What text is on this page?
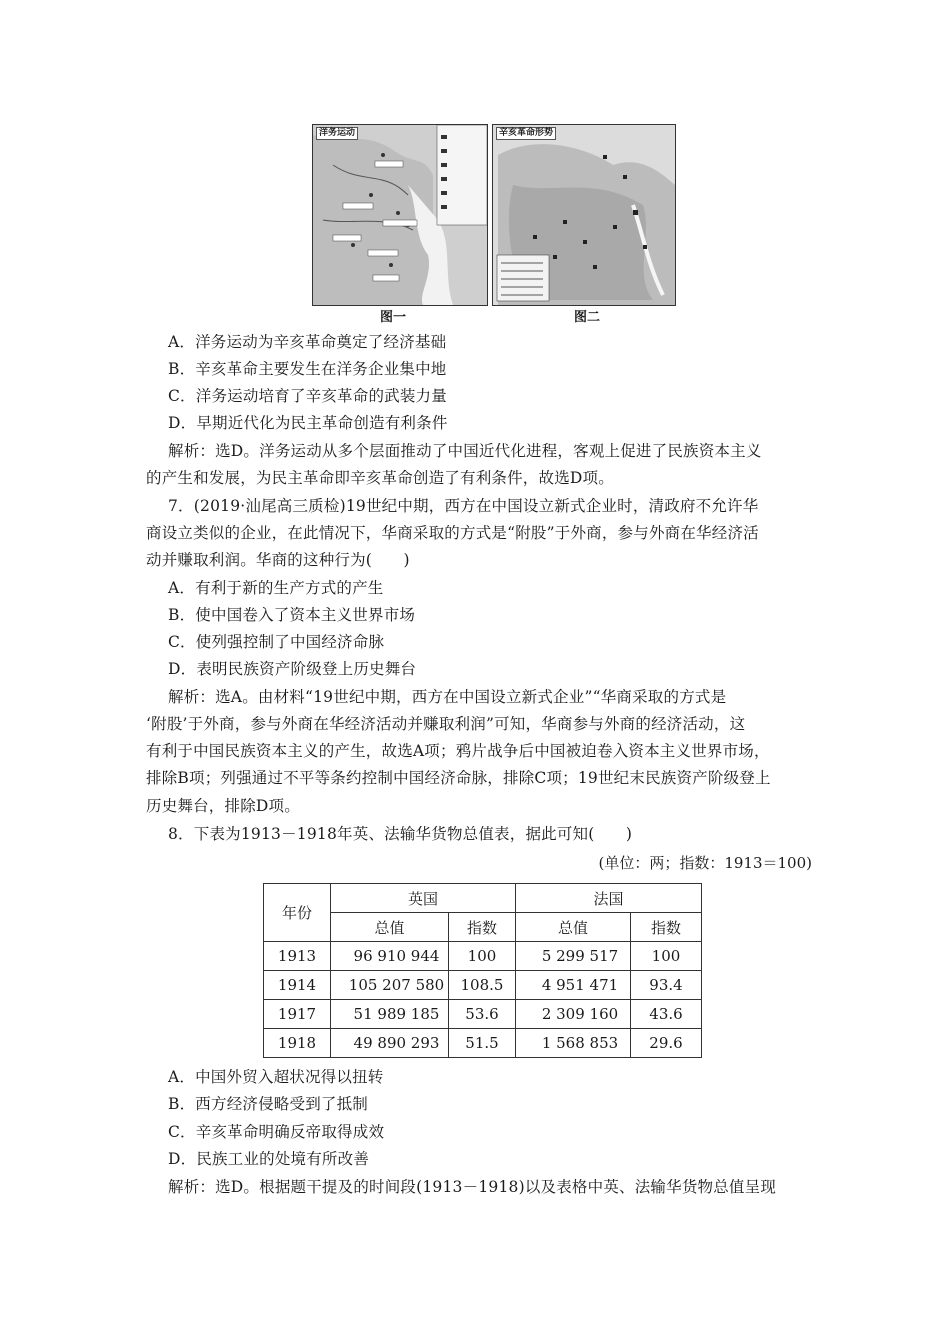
洋务运动	辛亥革命形势
图一	图二
A．洋务运动为辛亥革命奠定了经济基础
B．辛亥革命主要发生在洋务企业集中地
C．洋务运动培育了辛亥革命的武装力量
D．早期近代化为民主革命创造有利条件
解析：选D。洋务运动从多个层面推动了中国近代化进程，客观上促进了民族资本主义
的产生和发展，为民主革命即辛亥革命创造了有利条件，故选D项。
7．(2019·汕尾高三质检)19世纪中期，西方在中国设立新式企业时，清政府不允许华
商设立类似的企业，在此情况下，华商采取的方式是“附股”于外商，参与外商在华经济活
动并赚取利润。华商的这种行为(　　)
A．有利于新的生产方式的产生
B．使中国卷入了资本主义世界市场
C．使列强控制了中国经济命脉
D．表明民族资产阶级登上历史舞台
解析：选A。由材料“19世纪中期，西方在中国设立新式企业”“华商采取的方式是
‘附股’于外商，参与外商在华经济活动并赚取利润”可知，华商参与外商的经济活动，这
有利于中国民族资本主义的产生，故选A项；鸦片战争后中国被迫卷入资本主义世界市场，
排除B项；列强通过不平等条约控制中国经济命脉，排除C项；19世纪末民族资产阶级登上
历史舞台，排除D项。
8．下表为1913－1918年英、法输华货物总值表，据此可知(　　)
(单位：两；指数：1913＝100)
年份	英国		法国	
	总值	指数	总值	指数
1913	96 910 944	100	5 299 517	100
1914	105 207 580	108.5	4 951 471	93.4
1917	51 989 185	53.6	2 309 160	43.6
1918	49 890 293	51.5	1 568 853	29.6
A．中国外贸入超状况得以扭转
B．西方经济侵略受到了抵制
C．辛亥革命明确反帝取得成效
D．民族工业的处境有所改善
解析：选D。根据题干提及的时间段(1913－1918)以及表格中英、法输华货物总值呈现
